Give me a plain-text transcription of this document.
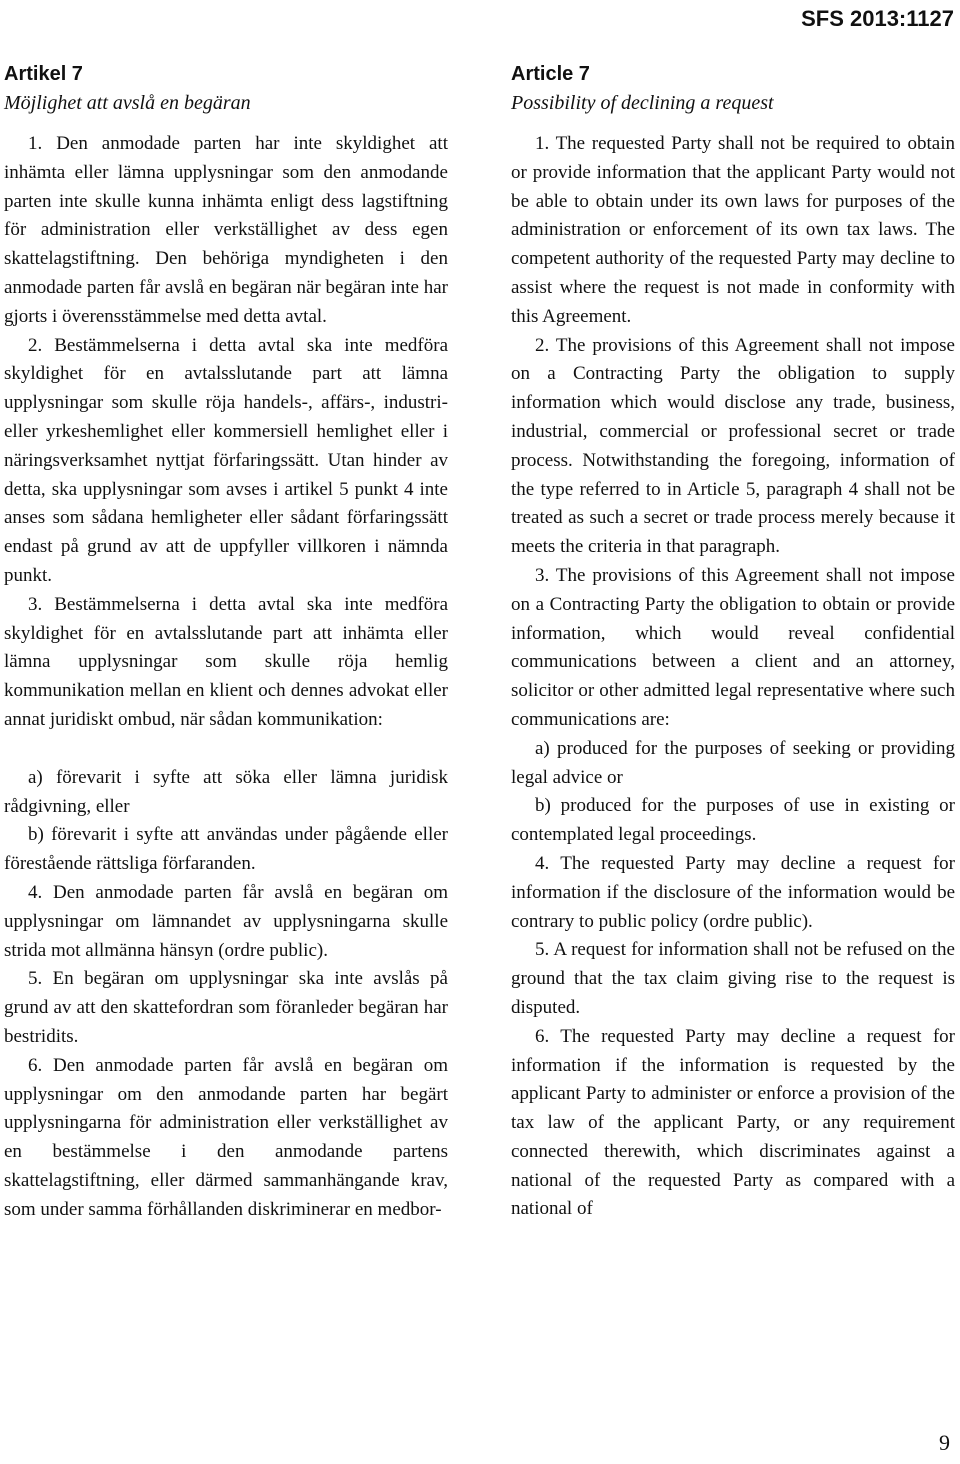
SFS 2013:1127

Artikel 7

Möjlighet att avslå en begäran

1. Den anmodade parten har inte skyldighet att inhämta eller lämna upplysningar som den anmodande parten inte skulle kunna inhämta enligt dess lagstiftning för administration eller verkställighet av dess egen skattelagstiftning. Den behöriga myndigheten i den anmodade parten får avslå en begäran när begäran inte har gjorts i överensstämmelse med detta avtal.

2. Bestämmelserna i detta avtal ska inte medföra skyldighet för en avtalsslutande part att lämna upplysningar som skulle röja handels-, affärs-, industri- eller yrkeshemlighet eller kommersiell hemlighet eller i näringsverksamhet nyttjat förfaringssätt. Utan hinder av detta, ska upplysningar som avses i artikel 5 punkt 4 inte anses som sådana hemligheter eller sådant förfaringssätt endast på grund av att de uppfyller villkoren i nämnda punkt.

3. Bestämmelserna i detta avtal ska inte medföra skyldighet för en avtalsslutande part att inhämta eller lämna upplysningar som skulle röja hemlig kommunikation mellan en klient och dennes advokat eller annat juridiskt ombud, när sådan kommunikation:

a) förevarit i syfte att söka eller lämna juridisk rådgivning, eller

b) förevarit i syfte att användas under pågående eller förestående rättsliga förfaranden.

4. Den anmodade parten får avslå en begäran om upplysningar om lämnandet av upplysningarna skulle strida mot allmänna hänsyn (ordre public).

5. En begäran om upplysningar ska inte avslås på grund av att den skattefordran som föranleder begäran har bestridits.

6. Den anmodade parten får avslå en begäran om upplysningar om den anmodande parten har begärt upplysningarna för administration eller verkställighet av en bestämmelse i den anmodande partens skattelagstiftning, eller därmed sammanhängande krav, som under samma förhållanden diskriminerar en medbor-

Article 7

Possibility of declining a request

1. The requested Party shall not be required to obtain or provide information that the applicant Party would not be able to obtain under its own laws for purposes of the administration or enforcement of its own tax laws. The competent authority of the requested Party may decline to assist where the request is not made in conformity with this Agreement.

2. The provisions of this Agreement shall not impose on a Contracting Party the obligation to supply information which would disclose any trade, business, industrial, commercial or professional secret or trade process. Notwithstanding the foregoing, information of the type referred to in Article 5, paragraph 4 shall not be treated as such a secret or trade process merely because it meets the criteria in that paragraph.

3. The provisions of this Agreement shall not impose on a Contracting Party the obligation to obtain or provide information, which would reveal confidential communications between a client and an attorney, solicitor or other admitted legal representative where such communications are:

a) produced for the purposes of seeking or providing legal advice or

b) produced for the purposes of use in existing or contemplated legal proceedings.

4. The requested Party may decline a request for information if the disclosure of the information would be contrary to public policy (ordre public).

5. A request for information shall not be refused on the ground that the tax claim giving rise to the request is disputed.

6. The requested Party may decline a request for information if the information is requested by the applicant Party to administer or enforce a provision of the tax law of the applicant Party, or any requirement connected therewith, which discriminates against a national of the requested Party as compared with a national of

9
